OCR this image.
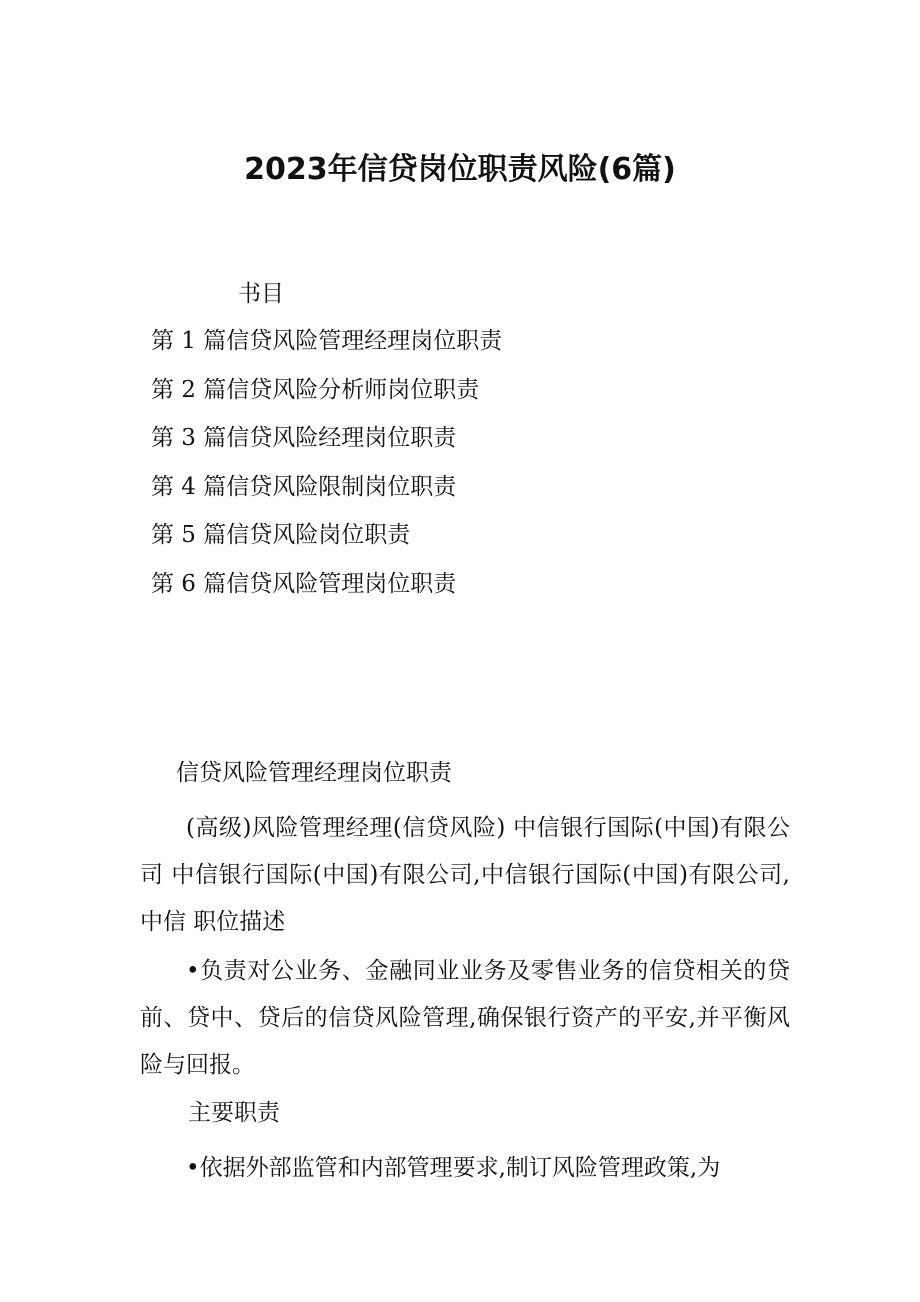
2023年信贷岗位职责风险(6篇)
书目
第 1 篇信贷风险管理经理岗位职责
第 2 篇信贷风险分析师岗位职责
第 3 篇信贷风险经理岗位职责
第 4 篇信贷风险限制岗位职责
第 5 篇信贷风险岗位职责
第 6 篇信贷风险管理岗位职责
信贷风险管理经理岗位职责

(高级)风险管理经理(信贷风险) 中信银行国际(中国)有限公司 中信银行国际(中国)有限公司,中信银行国际(中国)有限公司,中信 职位描述

•负责对公业务、金融同业业务及零售业务的信贷相关的贷前、贷中、贷后的信贷风险管理,确保银行资产的平安,并平衡风险与回报。

主要职责

•依据外部监管和内部管理要求,制订风险管理政策,为
